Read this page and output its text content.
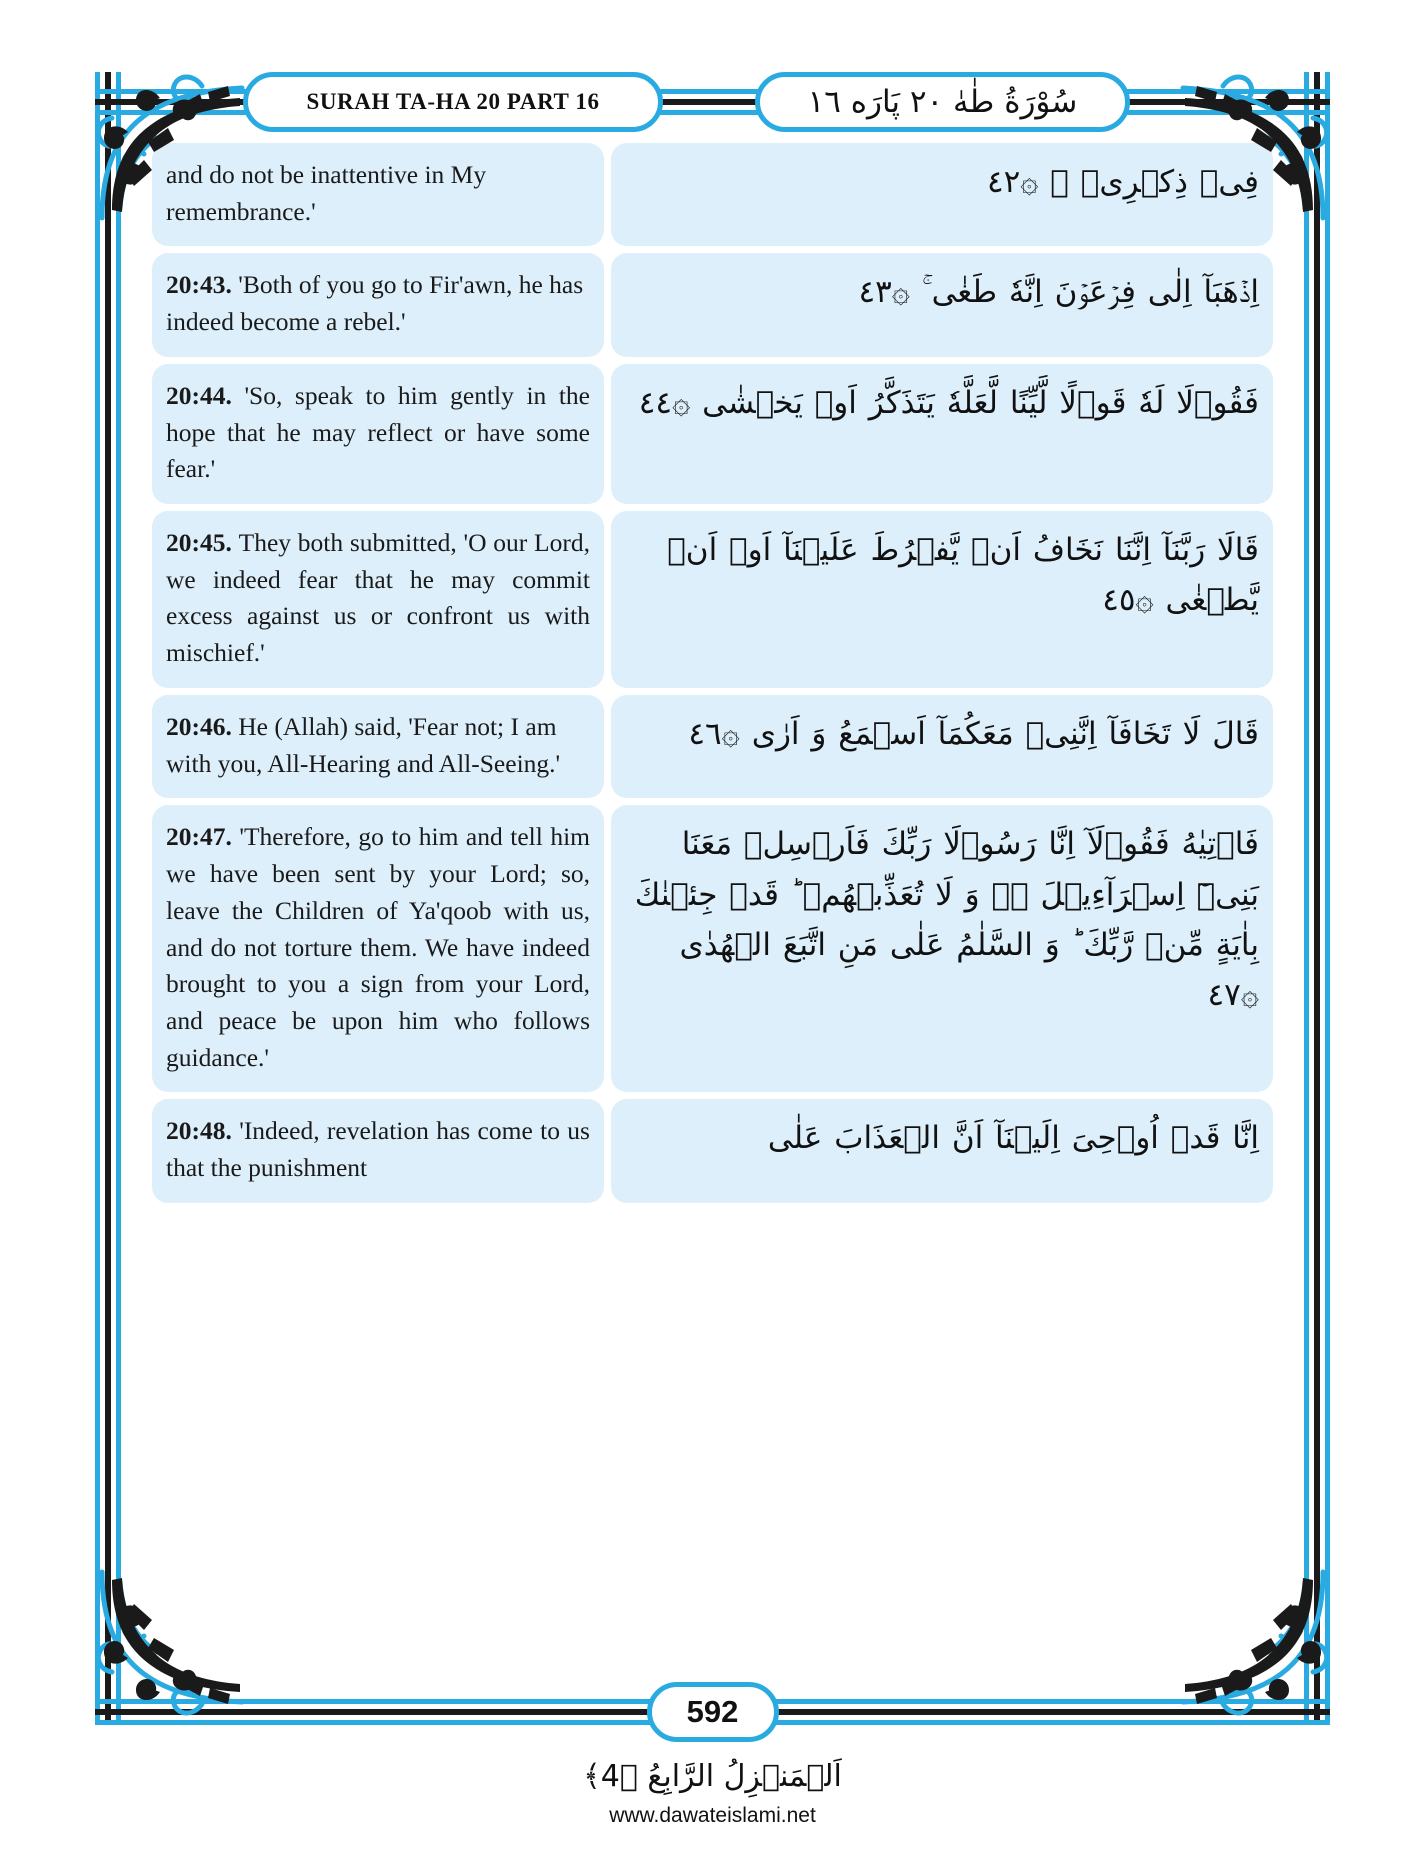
SURAH TA-HA 20 PART 16	سُوْرَةُ طٰهٰ ٢٠ پَارَه ١٦
and do not be inattentive in My remembrance.'
فِىۡ ذِكۡرِىۡ ۚ ۞٤٢
20:43. 'Both of you go to Fir'awn, he has indeed become a rebel.'
اِذۡهَبَآ اِلٰى فِرۡعَوۡنَ اِنَّهٗ طَغٰى ۚ ۞٤٣
20:44. 'So, speak to him gently in the hope that he may reflect or have some fear.'
فَقُوۡلَا لَهٗ قَوۡلًا لَّيِّنًا لَّعَلَّهٗ يَتَذَكَّرُ اَوۡ يَخۡشٰى ۞٤٤
20:45. They both submitted, 'O our Lord, we indeed fear that he may commit excess against us or confront us with mischief.'
قَالَا رَبَّنَآ اِنَّنَا نَخَافُ اَنۡ يَّفۡرُطَ عَلَيۡنَآ اَوۡ اَنۡ يَّطۡغٰى ۞٤٥
20:46. He (Allah) said, 'Fear not; I am with you, All-Hearing and All-Seeing.'
قَالَ لَا تَخَافَآ اِنَّنِىۡ مَعَكُمَآ اَسۡمَعُ وَ اَرٰى ۞٤٦
20:47. 'Therefore, go to him and tell him we have been sent by your Lord; so, leave the Children of Ya'qoob with us, and do not torture them. We have indeed brought to you a sign from your Lord, and peace be upon him who follows guidance.'
فَاۡتِيٰهُ فَقُوۡلَآ اِنَّا رَسُوۡلَا رَبِّكَ فَاَرۡسِلۡ مَعَنَا بَنِىۡٓ اِسۡرَآءِيۡلَ ۙ۬ وَ لَا تُعَذِّبۡهُمۡ ؕ قَدۡ جِئۡنٰكَ بِاٰيَةٍ مِّنۡ رَّبِّكَ ؕ وَ السَّلٰمُ عَلٰى مَنِ اتَّبَعَ الۡهُدٰى ۞٤٧
20:48. 'Indeed, revelation has come to us that the punishment
اِنَّا قَدۡ اُوۡحِىَ اِلَيۡنَآ اَنَّ الۡعَذَابَ عَلٰى
592
اَلۡمَنۡزِلُ الرَّابِعُ ﴿4﴾
www.dawateislami.net
